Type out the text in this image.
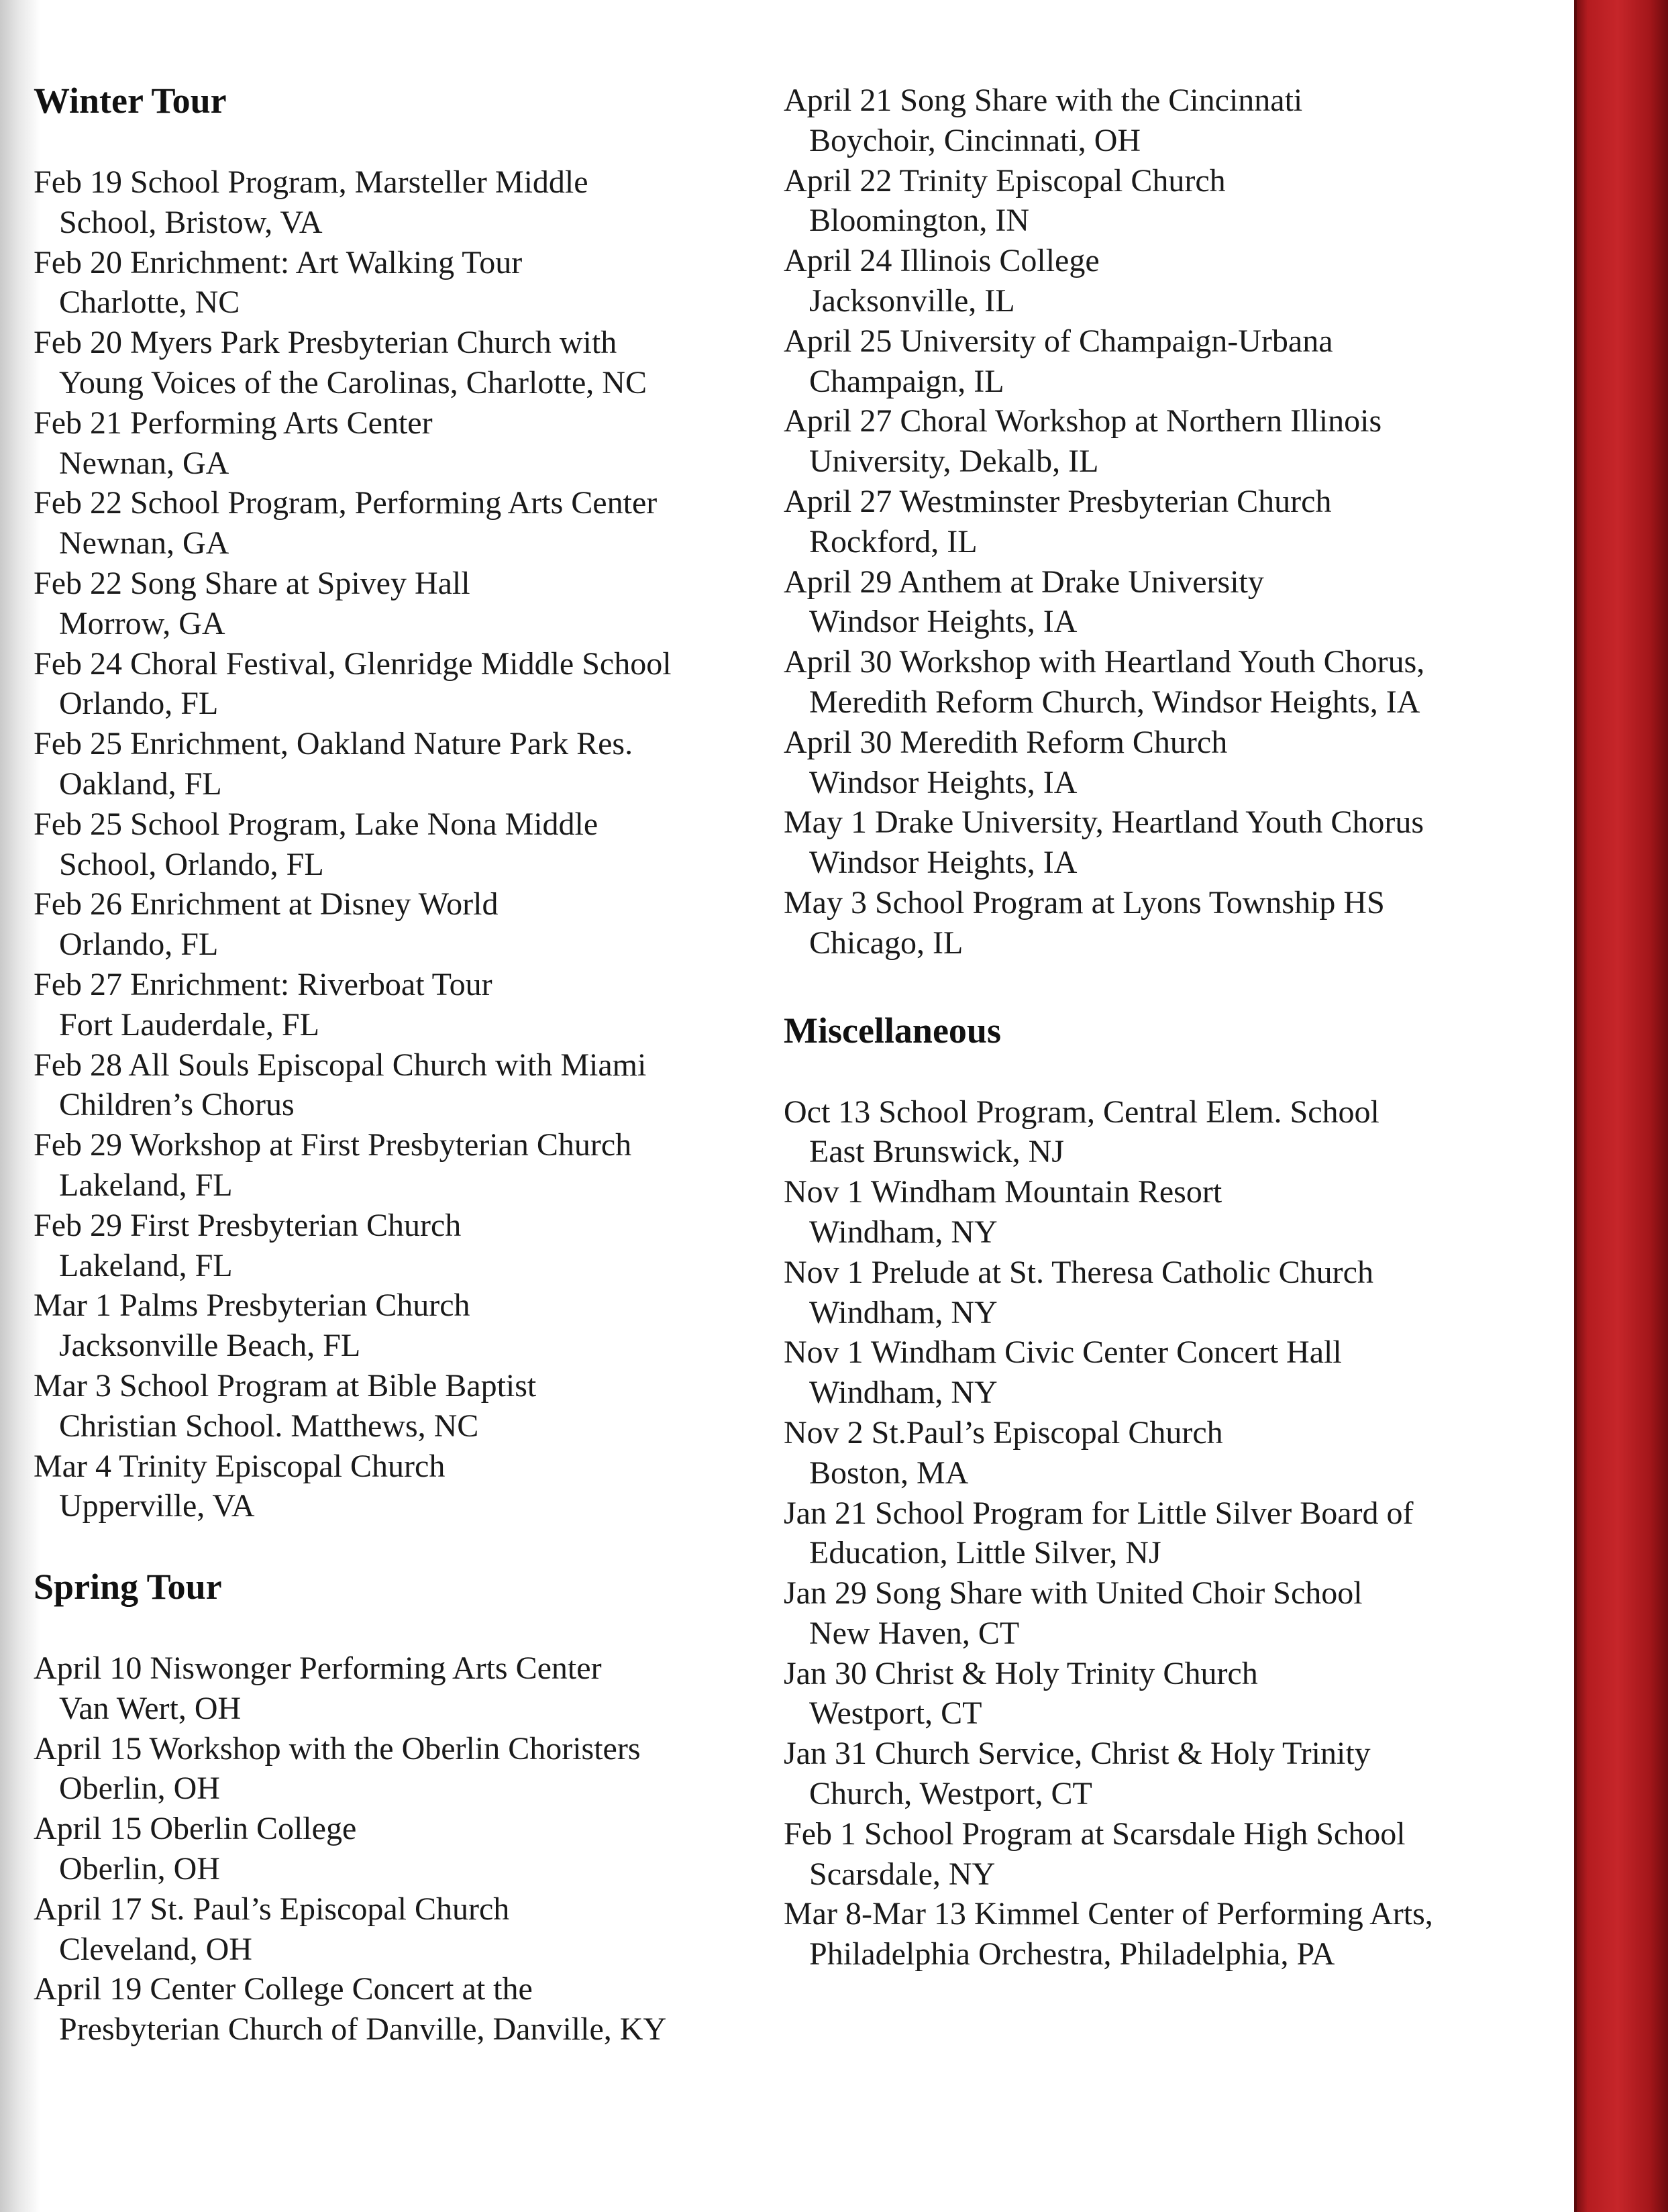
Winter Tour
Feb 19 School Program, Marsteller Middle
School, Bristow, VA
Feb 20 Enrichment: Art Walking Tour
Charlotte, NC
Feb 20 Myers Park Presbyterian Church with
Young Voices of the Carolinas, Charlotte, NC
Feb 21 Performing Arts Center
Newnan, GA
Feb 22 School Program, Performing Arts Center
Newnan, GA
Feb 22 Song Share at Spivey Hall
Morrow, GA
Feb 24 Choral Festival, Glenridge Middle School
Orlando, FL
Feb 25 Enrichment, Oakland Nature Park Res.
Oakland, FL
Feb 25 School Program, Lake Nona Middle
School, Orlando, FL
Feb 26 Enrichment at Disney World
Orlando, FL
Feb 27 Enrichment: Riverboat Tour
Fort Lauderdale, FL
Feb 28 All Souls Episcopal Church with Miami
Children’s Chorus
Feb 29 Workshop at First Presbyterian Church
Lakeland, FL
Feb 29 First Presbyterian Church
Lakeland, FL
Mar 1 Palms Presbyterian Church
Jacksonville Beach, FL
Mar 3 School Program at Bible Baptist
Christian School. Matthews, NC
Mar 4 Trinity Episcopal Church
Upperville, VA
Spring Tour
April 10 Niswonger Performing Arts Center
Van Wert, OH
April 15 Workshop with the Oberlin Choristers
Oberlin, OH
April 15 Oberlin College
Oberlin, OH
April 17 St. Paul’s Episcopal Church
Cleveland, OH
April 19 Center College Concert at the
Presbyterian Church of Danville, Danville, KY
April 21 Song Share with the Cincinnati
Boychoir, Cincinnati, OH
April 22 Trinity Episcopal Church
Bloomington, IN
April 24 Illinois College
Jacksonville, IL
April 25 University of Champaign-Urbana
Champaign, IL
April 27 Choral Workshop at Northern Illinois
University, Dekalb, IL
April 27 Westminster Presbyterian Church
Rockford, IL
April 29 Anthem at Drake University
Windsor Heights, IA
April 30 Workshop with Heartland Youth Chorus,
Meredith Reform Church, Windsor Heights, IA
April 30 Meredith Reform Church
Windsor Heights, IA
May 1 Drake University, Heartland Youth Chorus
Windsor Heights, IA
May 3 School Program at Lyons Township HS
Chicago, IL
Miscellaneous
Oct 13 School Program, Central Elem. School
East Brunswick, NJ
Nov 1 Windham Mountain Resort
Windham, NY
Nov 1 Prelude at St. Theresa Catholic Church
Windham, NY
Nov 1 Windham Civic Center Concert Hall
Windham, NY
Nov 2 St.Paul’s Episcopal Church
Boston, MA
Jan 21 School Program for Little Silver Board of
Education, Little Silver, NJ
Jan 29 Song Share with United Choir School
New Haven, CT
Jan 30 Christ & Holy Trinity Church
Westport, CT
Jan 31 Church Service, Christ & Holy Trinity
Church, Westport, CT
Feb 1 School Program at Scarsdale High School
Scarsdale, NY
Mar 8-Mar 13 Kimmel Center of Performing Arts,
Philadelphia Orchestra, Philadelphia, PA
